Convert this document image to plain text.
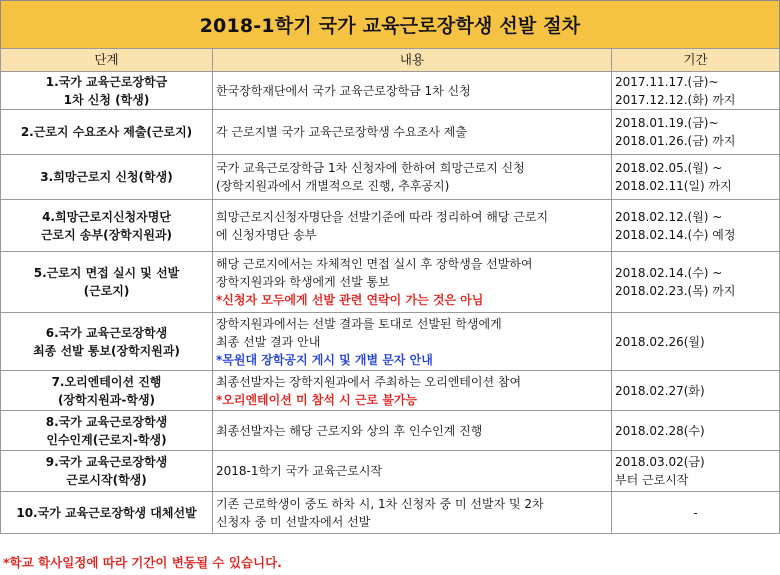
2018-1학기 국가 교육근로장학생 선발 절차
단계	내용	기간

1.국가 교육근로장학금
1차 신청 (학생)	한국장학재단에서 국가 교육근로장학금 1차 신청	2017.11.17.(금)~
2017.12.12.(화) 까지

2.근로지 수요조사 제출(근로지)	각 근로지별 국가 교육근로장학생 수요조사 제출	2018.01.19.(금)~
2018.01.26.(금) 까지

3.희망근로지 신청(학생)	국가 교육근로장학금 1차 신청자에 한하여 희망근로지 신청
(장학지원과에서 개별적으로 진행, 추후공지)	2018.02.05.(월) ~
2018.02.11(일) 까지

4.희망근로지신청자명단
근로지 송부(장학지원과)	희망근로지신청자명단을 선발기준에 따라 정리하여 해당 근로지
에 신청자명단 송부	2018.02.12.(월) ~
2018.02.14.(수) 예정

5.근로지 면접 실시 및 선발
(근로지)	해당 근로지에서는 자체적인 면접 실시 후 장학생을 선발하여
장학지원과와 학생에게 선발 통보
*신청자 모두에게 선발 관련 연락이 가는 것은 아님	2018.02.14.(수) ~
2018.02.23.(목) 까지

6.국가 교육근로장학생
최종 선발 통보(장학지원과)	장학지원과에서는 선발 결과를 토대로 선발된 학생에게
최종 선발 결과 안내
*목원대 장학공지 게시 및 개별 문자 안내	2018.02.26(월)

7.오리엔테이션 진행
(장학지원과-학생)	최종선발자는 장학지원과에서 주최하는 오리엔테이션 참여
*오리엔테이션 미 참석 시 근로 불가능	2018.02.27(화)

8.국가 교육근로장학생
인수인계(근로지-학생)	최종선발자는 해당 근로지와 상의 후 인수인계 진행	2018.02.28(수)

9.국가 교육근로장학생
근로시작(학생)	2018-1학기 국가 교육근로시작	2018.03.02(금)
부터 근로시작

10.국가 교육근로장학생 대체선발	기존 근로학생이 중도 하차 시, 1차 신청자 중 미 선발자 및 2차
신청자 중 미 선발자에서 선발	-
*학교 학사일정에 따라 기간이 변동될 수 있습니다.
